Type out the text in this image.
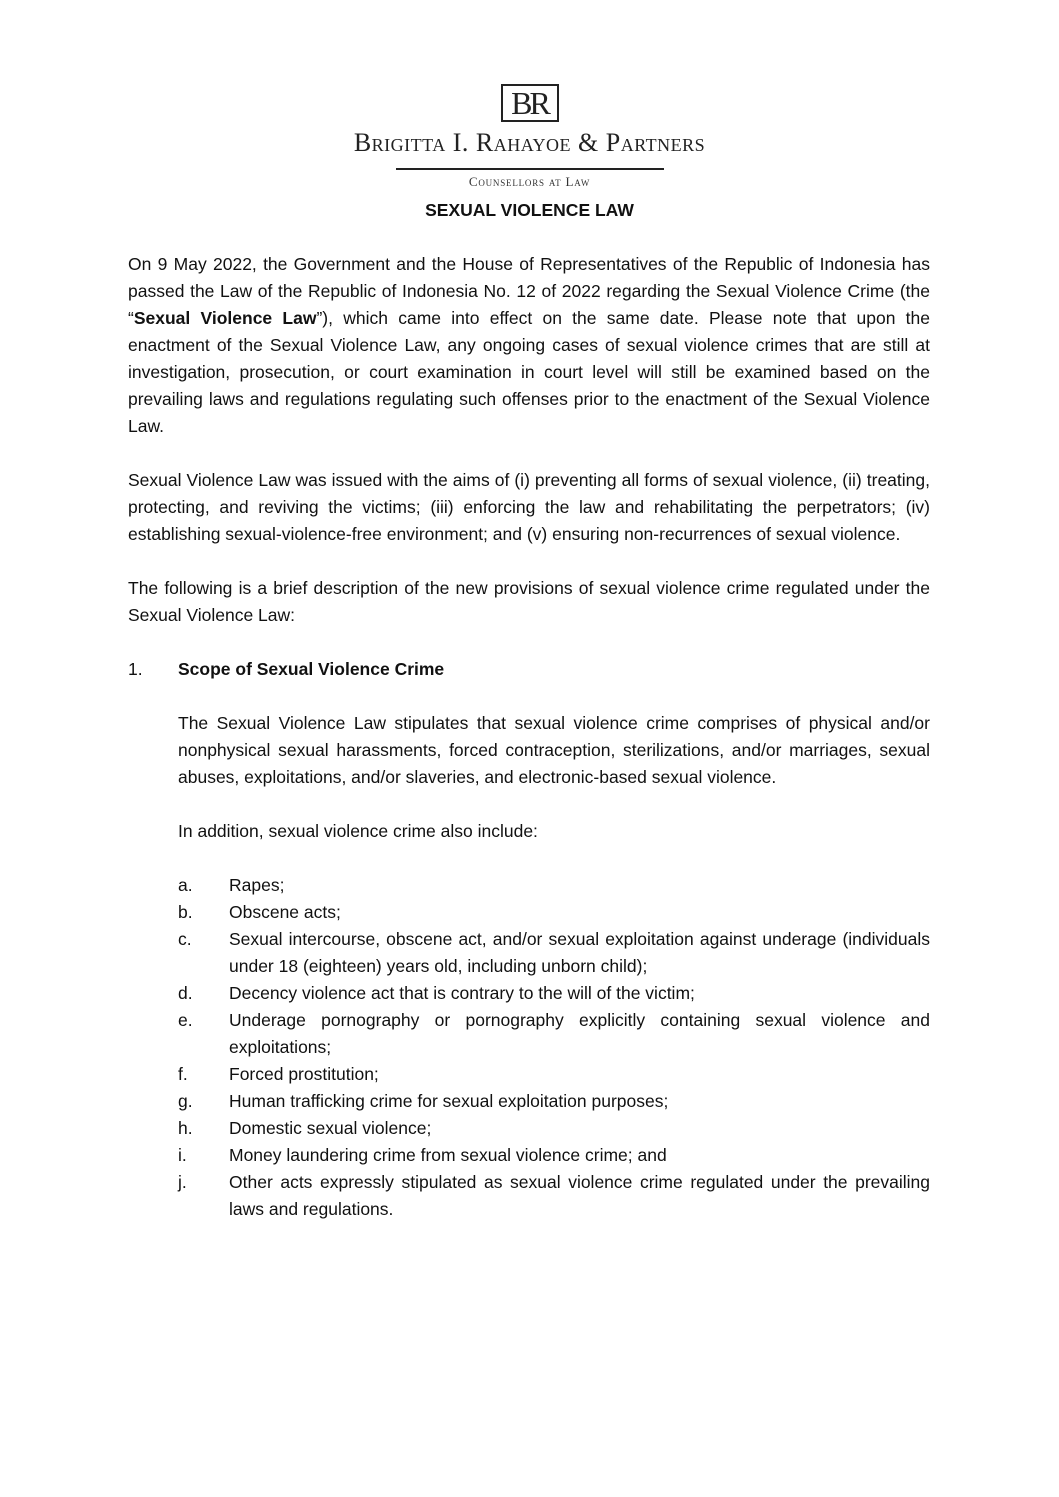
BR
Brigitta I. Rahayoe & Partners
Counsellors at Law
SEXUAL VIOLENCE LAW

On 9 May 2022, the Government and the House of Representatives of the Republic of Indonesia has passed the Law of the Republic of Indonesia No. 12 of 2022 regarding the Sexual Violence Crime (the “Sexual Violence Law”), which came into effect on the same date. Please note that upon the enactment of the Sexual Violence Law, any ongoing cases of sexual violence crimes that are still at investigation, prosecution, or court examination in court level will still be examined based on the prevailing laws and regulations regulating such offenses prior to the enactment of the Sexual Violence Law.

Sexual Violence Law was issued with the aims of (i) preventing all forms of sexual violence, (ii) treating, protecting, and reviving the victims; (iii) enforcing the law and rehabilitating the perpetrators; (iv) establishing sexual-violence-free environment; and (v) ensuring non-recurrences of sexual violence.

The following is a brief description of the new provisions of sexual violence crime regulated under the Sexual Violence Law:

1.	Scope of Sexual Violence Crime

The Sexual Violence Law stipulates that sexual violence crime comprises of physical and/or nonphysical sexual harassments, forced contraception, sterilizations, and/or marriages, sexual abuses, exploitations, and/or slaveries, and electronic-based sexual violence.

In addition, sexual violence crime also include:

a.	Rapes;
b.	Obscene acts;
c.	Sexual intercourse, obscene act, and/or sexual exploitation against underage (individuals under 18 (eighteen) years old, including unborn child);
d.	Decency violence act that is contrary to the will of the victim;
e.	Underage pornography or pornography explicitly containing sexual violence and exploitations;
f.	Forced prostitution;
g.	Human trafficking crime for sexual exploitation purposes;
h.	Domestic sexual violence;
i.	Money laundering crime from sexual violence crime; and
j.	Other acts expressly stipulated as sexual violence crime regulated under the prevailing laws and regulations.
